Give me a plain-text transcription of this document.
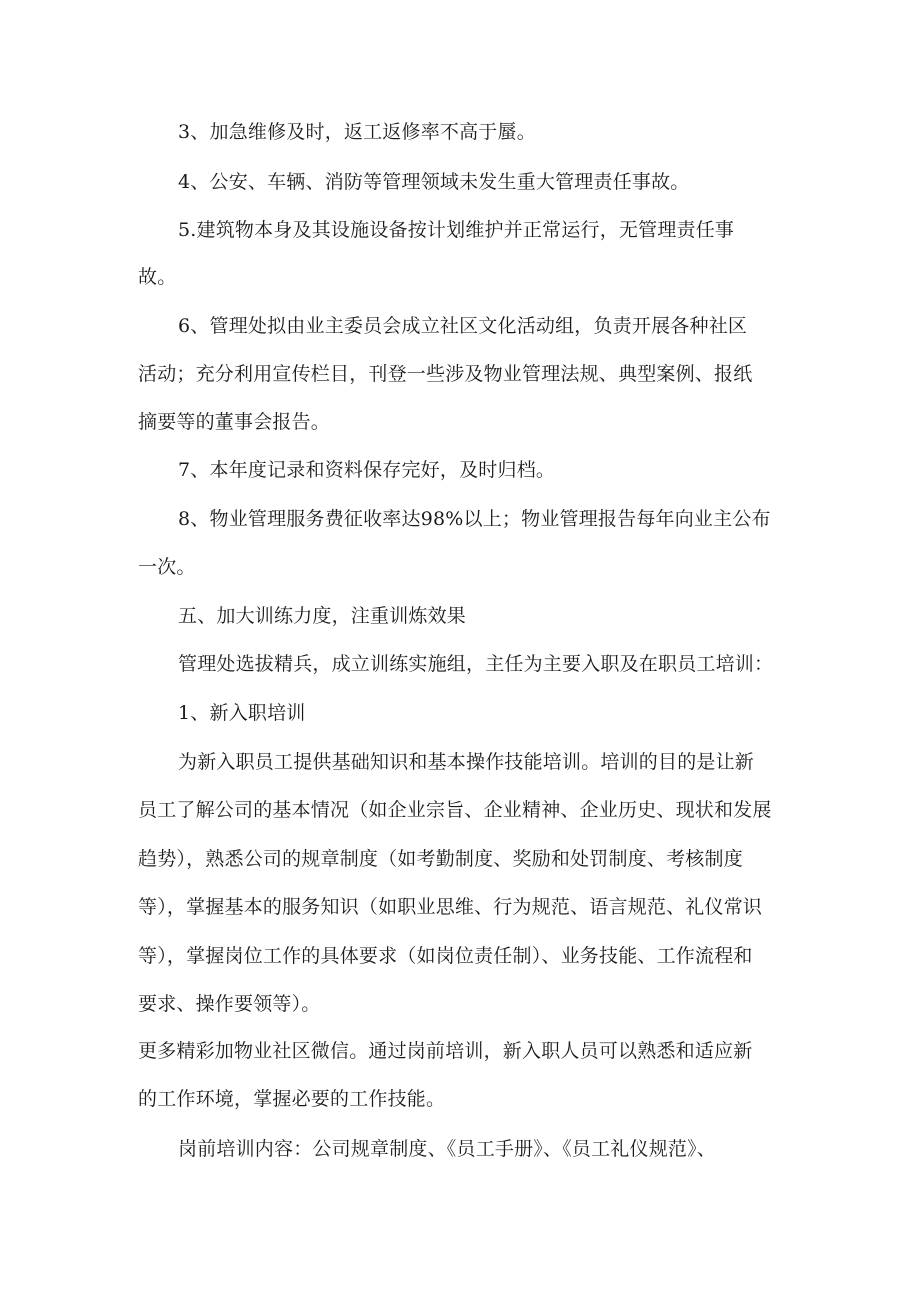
3、加急维修及时，返工返修率不高于蜃。
4、公安、车辆、消防等管理领域未发生重大管理责任事故。
5.建筑物本身及其设施设备按计划维护并正常运行，无管理责任事
故。
6、管理处拟由业主委员会成立社区文化活动组，负责开展各种社区
活动；充分利用宣传栏目，刊登一些涉及物业管理法规、典型案例、报纸
摘要等的董事会报告。
7、本年度记录和资料保存完好，及时归档。
8、物业管理服务费征收率达98%以上；物业管理报告每年向业主公布
一次。
五、加大训练力度，注重训炼效果
管理处选拔精兵，成立训练实施组，主任为主要入职及在职员工培训：
1、新入职培训
为新入职员工提供基础知识和基本操作技能培训。培训的目的是让新
员工了解公司的基本情况（如企业宗旨、企业精神、企业历史、现状和发展
趋势），熟悉公司的规章制度（如考勤制度、奖励和处罚制度、考核制度
等），掌握基本的服务知识（如职业思维、行为规范、语言规范、礼仪常识
等），掌握岗位工作的具体要求（如岗位责任制）、业务技能、工作流程和
要求、操作要领等）。
更多精彩加物业社区微信。通过岗前培训，新入职人员可以熟悉和适应新
的工作环境，掌握必要的工作技能。
岗前培训内容：公司规章制度、《员工手册》、《员工礼仪规范》、
